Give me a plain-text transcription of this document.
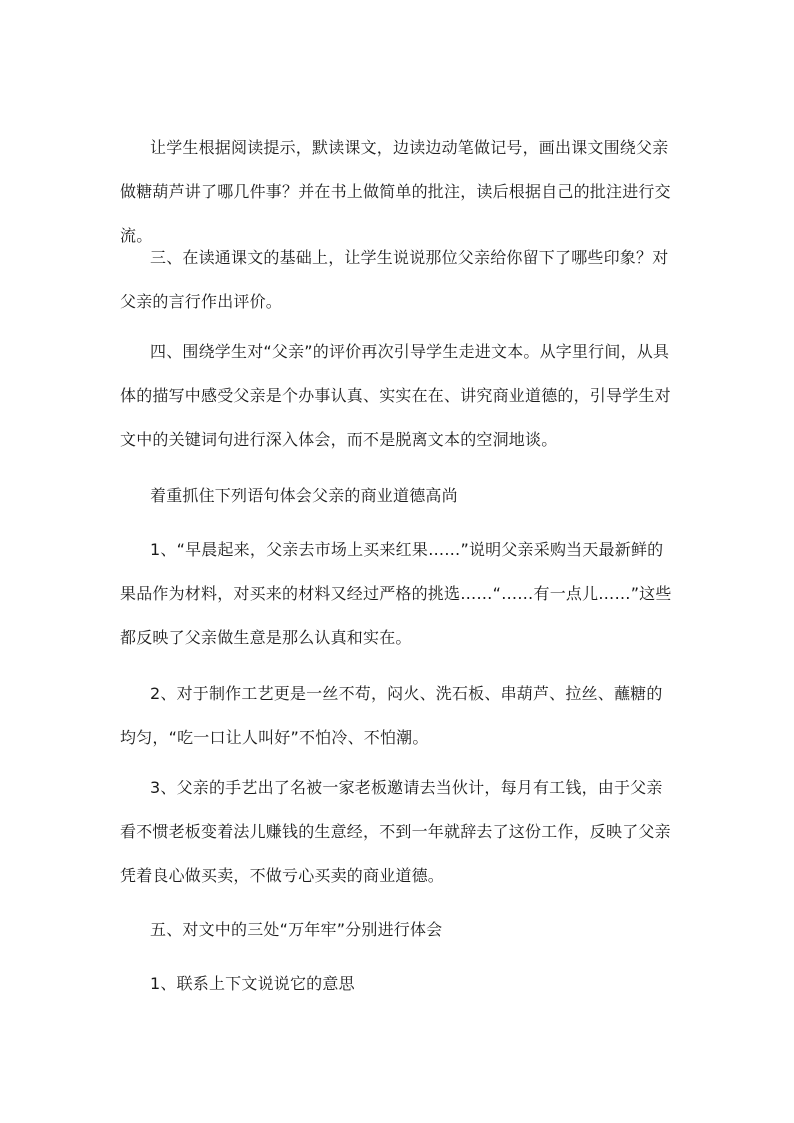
让学生根据阅读提示，默读课文，边读边动笔做记号，画出课文围绕父亲做糖葫芦讲了哪几件事？并在书上做简单的批注，读后根据自己的批注进行交流。

三、在读通课文的基础上，让学生说说那位父亲给你留下了哪些印象？对父亲的言行作出评价。

四、围绕学生对“父亲”的评价再次引导学生走进文本。从字里行间，从具体的描写中感受父亲是个办事认真、实实在在、讲究商业道德的，引导学生对文中的关键词句进行深入体会，而不是脱离文本的空洞地谈。

着重抓住下列语句体会父亲的商业道德高尚

1、“早晨起来，父亲去市场上买来红果……”说明父亲采购当天最新鲜的果品作为材料，对买来的材料又经过严格的挑选……“……有一点儿……”这些都反映了父亲做生意是那么认真和实在。

2、对于制作工艺更是一丝不苟，闷火、洗石板、串葫芦、拉丝、蘸糖的均匀，“吃一口让人叫好”不怕冷、不怕潮。

3、父亲的手艺出了名被一家老板邀请去当伙计，每月有工钱，由于父亲看不惯老板变着法儿赚钱的生意经，不到一年就辞去了这份工作，反映了父亲凭着良心做买卖，不做亏心买卖的商业道德。

五、对文中的三处“万年牢”分别进行体会

1、联系上下文说说它的意思
